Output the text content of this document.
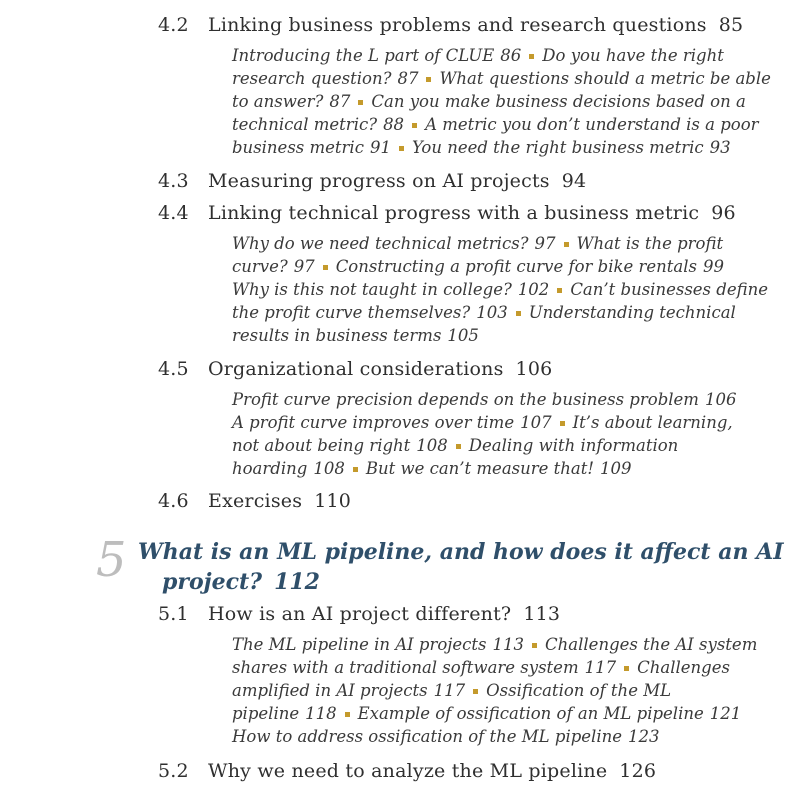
4.2 Linking business problems and research questions 85
Introducing the L part of CLUE 86 Do you have the right
research question? 87 What questions should a metric be able
to answer? 87 Can you make business decisions based on a
technical metric? 88 A metric you don’t understand is a poor
business metric 91 You need the right business metric 93
4.3 Measuring progress on AI projects 94
4.4 Linking technical progress with a business metric 96
Why do we need technical metrics? 97 What is the profit
curve? 97 Constructing a profit curve for bike rentals 99
Why is this not taught in college? 102 Can’t businesses define
the profit curve themselves? 103 Understanding technical
results in business terms 105
4.5 Organizational considerations 106
Profit curve precision depends on the business problem 106
A profit curve improves over time 107 It’s about learning,
not about being right 108 Dealing with information
hoarding 108 But we can’t measure that! 109
4.6 Exercises 110
5 What is an ML pipeline, and how does it affect an AI
project? 112
5.1 How is an AI project different? 113
The ML pipeline in AI projects 113 Challenges the AI system
shares with a traditional software system 117 Challenges
amplified in AI projects 117 Ossification of the ML
pipeline 118 Example of ossification of an ML pipeline 121
How to address ossification of the ML pipeline 123
5.2 Why we need to analyze the ML pipeline 126
